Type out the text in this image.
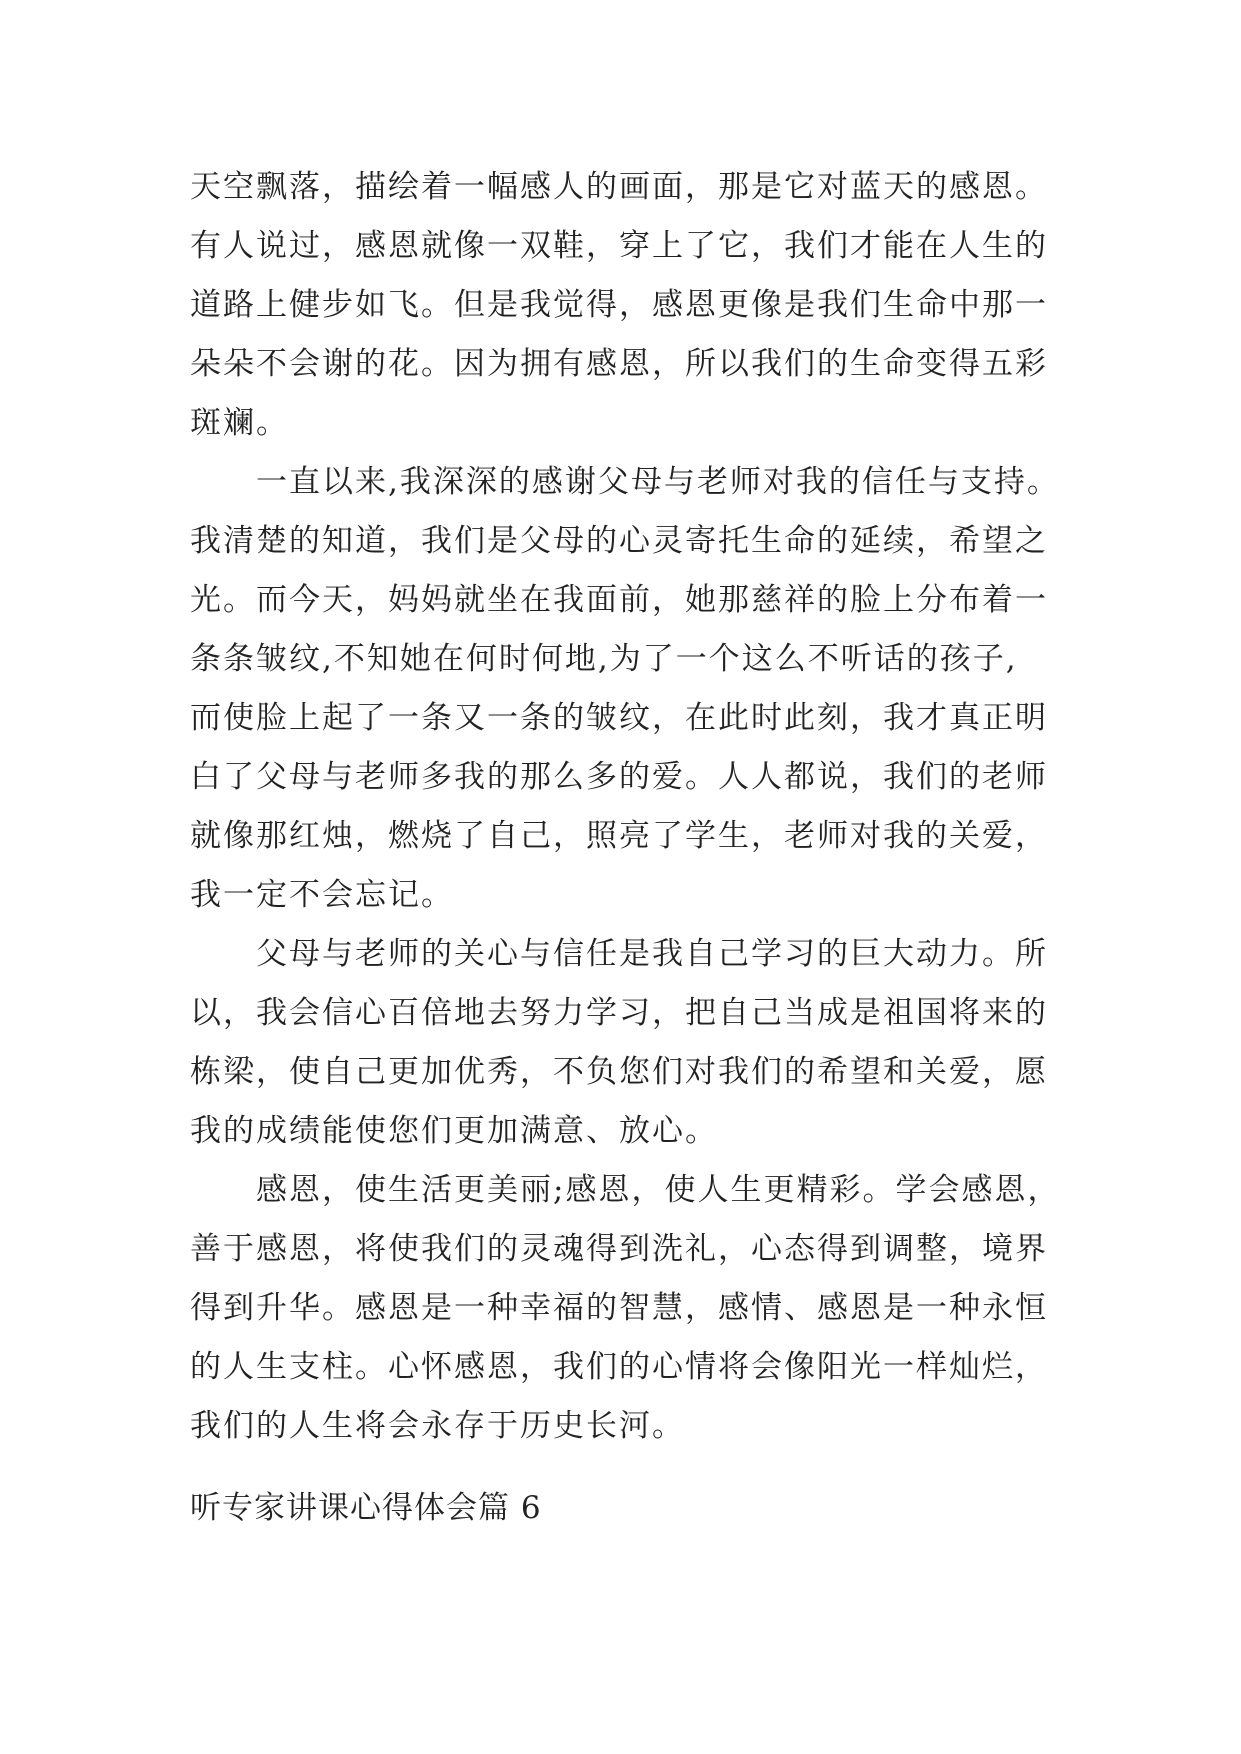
天空飘落，描绘着一幅感人的画面，那是它对蓝天的感恩。
有人说过，感恩就像一双鞋，穿上了它，我们才能在人生的
道路上健步如飞。但是我觉得，感恩更像是我们生命中那一
朵朵不会谢的花。因为拥有感恩，所以我们的生命变得五彩
斑斓。
一直以来,我深深的感谢父母与老师对我的信任与支持。
我清楚的知道，我们是父母的心灵寄托生命的延续，希望之
光。而今天，妈妈就坐在我面前，她那慈祥的脸上分布着一
条条皱纹,不知她在何时何地,为了一个这么不听话的孩子,
而使脸上起了一条又一条的皱纹，在此时此刻，我才真正明
白了父母与老师多我的那么多的爱。人人都说，我们的老师
就像那红烛，燃烧了自己，照亮了学生，老师对我的关爱，
我一定不会忘记。
父母与老师的关心与信任是我自己学习的巨大动力。所
以，我会信心百倍地去努力学习，把自己当成是祖国将来的
栋梁，使自己更加优秀，不负您们对我们的希望和关爱，愿
我的成绩能使您们更加满意、放心。
感恩，使生活更美丽;感恩，使人生更精彩。学会感恩，
善于感恩，将使我们的灵魂得到洗礼，心态得到调整，境界
得到升华。感恩是一种幸福的智慧，感情、感恩是一种永恒
的人生支柱。心怀感恩，我们的心情将会像阳光一样灿烂，
我们的人生将会永存于历史长河。
听专家讲课心得体会篇 6
